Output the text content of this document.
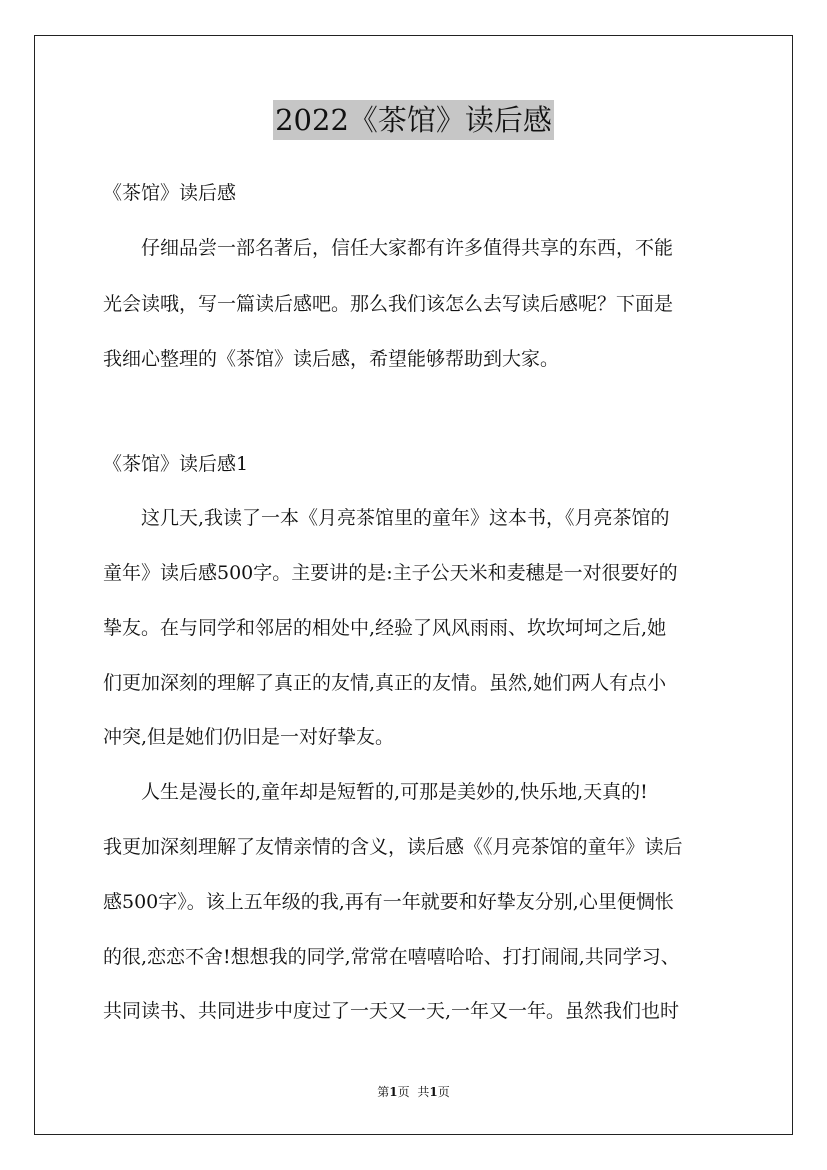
2022《茶馆》读后感
《茶馆》读后感
仔细品尝一部名著后，信任大家都有许多值得共享的东西，不能
光会读哦，写一篇读后感吧。那么我们该怎么去写读后感呢？下面是
我细心整理的《茶馆》读后感，希望能够帮助到大家。
《茶馆》读后感1
这几天,我读了一本《月亮茶馆里的童年》这本书，《月亮茶馆的
童年》读后感500字。主要讲的是:主子公天米和麦穗是一对很要好的
挚友。在与同学和邻居的相处中,经验了风风雨雨、坎坎坷坷之后,她
们更加深刻的理解了真正的友情,真正的友情。虽然,她们两人有点小
冲突,但是她们仍旧是一对好挚友。
人生是漫长的,童年却是短暂的,可那是美妙的,快乐地,天真的!
我更加深刻理解了友情亲情的含义，读后感《《月亮茶馆的童年》读后
感500字》。该上五年级的我,再有一年就要和好挚友分别,心里便惆怅
的很,恋恋不舍!想想我的同学,常常在嘻嘻哈哈、打打闹闹,共同学习、
共同读书、共同进步中度过了一天又一天,一年又一年。虽然我们也时
第1页 共1页
